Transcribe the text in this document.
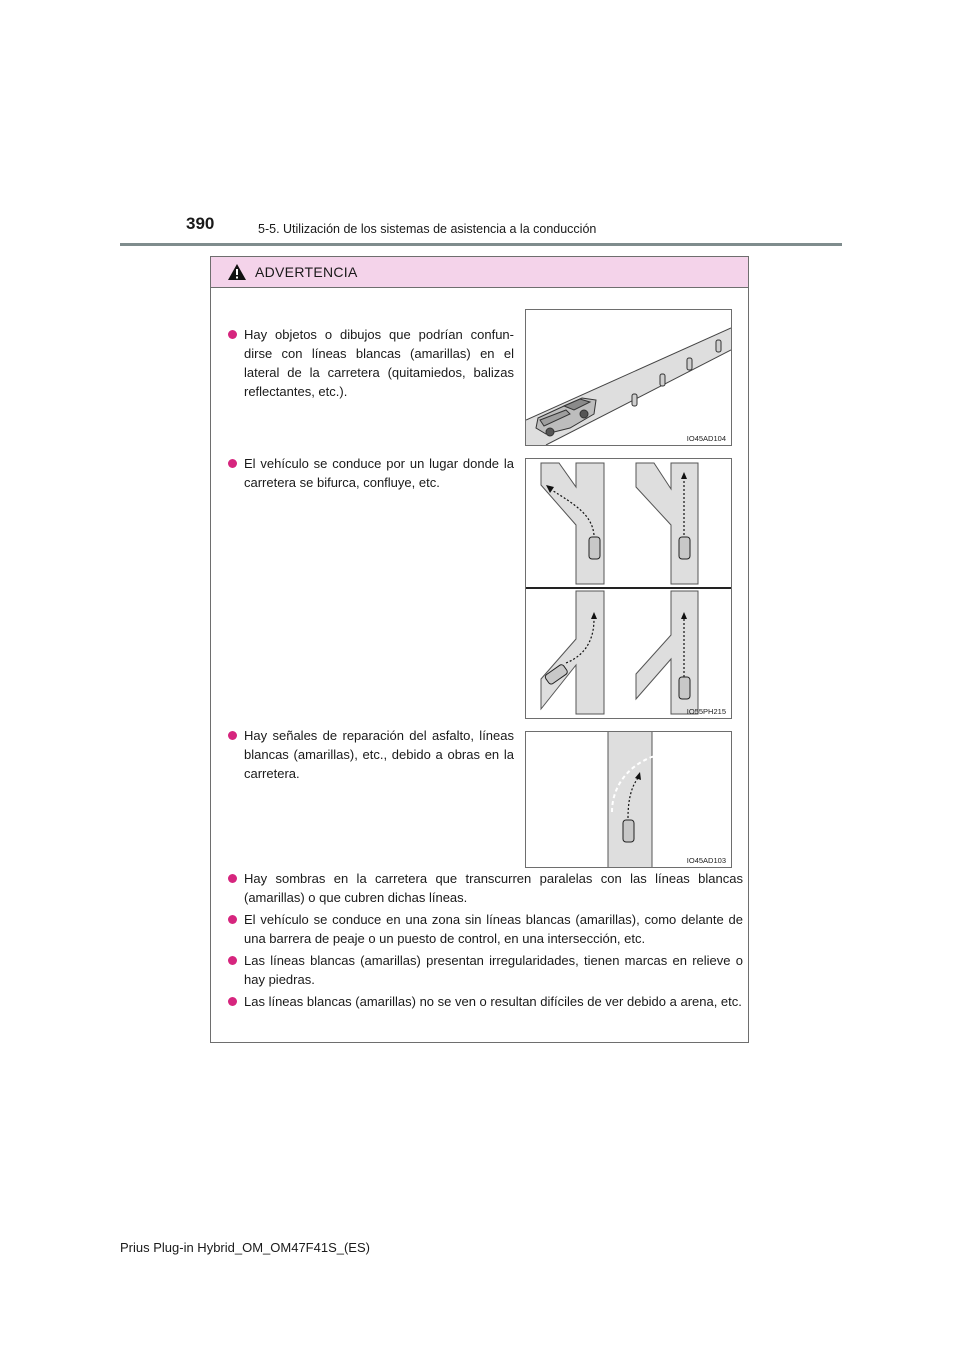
390	5-5. Utilización de los sistemas de asistencia a la conducción
ADVERTENCIA
Hay objetos o dibujos que podrían confun-dirse con líneas blancas (amarillas) en el lateral de la carretera (quitamiedos, balizas reflectantes, etc.).
El vehículo se conduce por un lugar donde la carretera se bifurca, confluye, etc.
Hay señales de reparación del asfalto, líneas blancas (amarillas), etc., debido a obras en la carretera.
Hay sombras en la carretera que transcurren paralelas con las líneas blancas (amarillas) o que cubren dichas líneas.
El vehículo se conduce en una zona sin líneas blancas (amarillas), como delante de una barrera de peaje o un puesto de control, en una intersección, etc.
Las líneas blancas (amarillas) presentan irregularidades, tienen marcas en relieve o hay piedras.
Las líneas blancas (amarillas) no se ven o resultan difíciles de ver debido a arena, etc.
IO45AD104
IO55PH215
IO45AD103
Prius Plug-in Hybrid_OM_OM47F41S_(ES)
